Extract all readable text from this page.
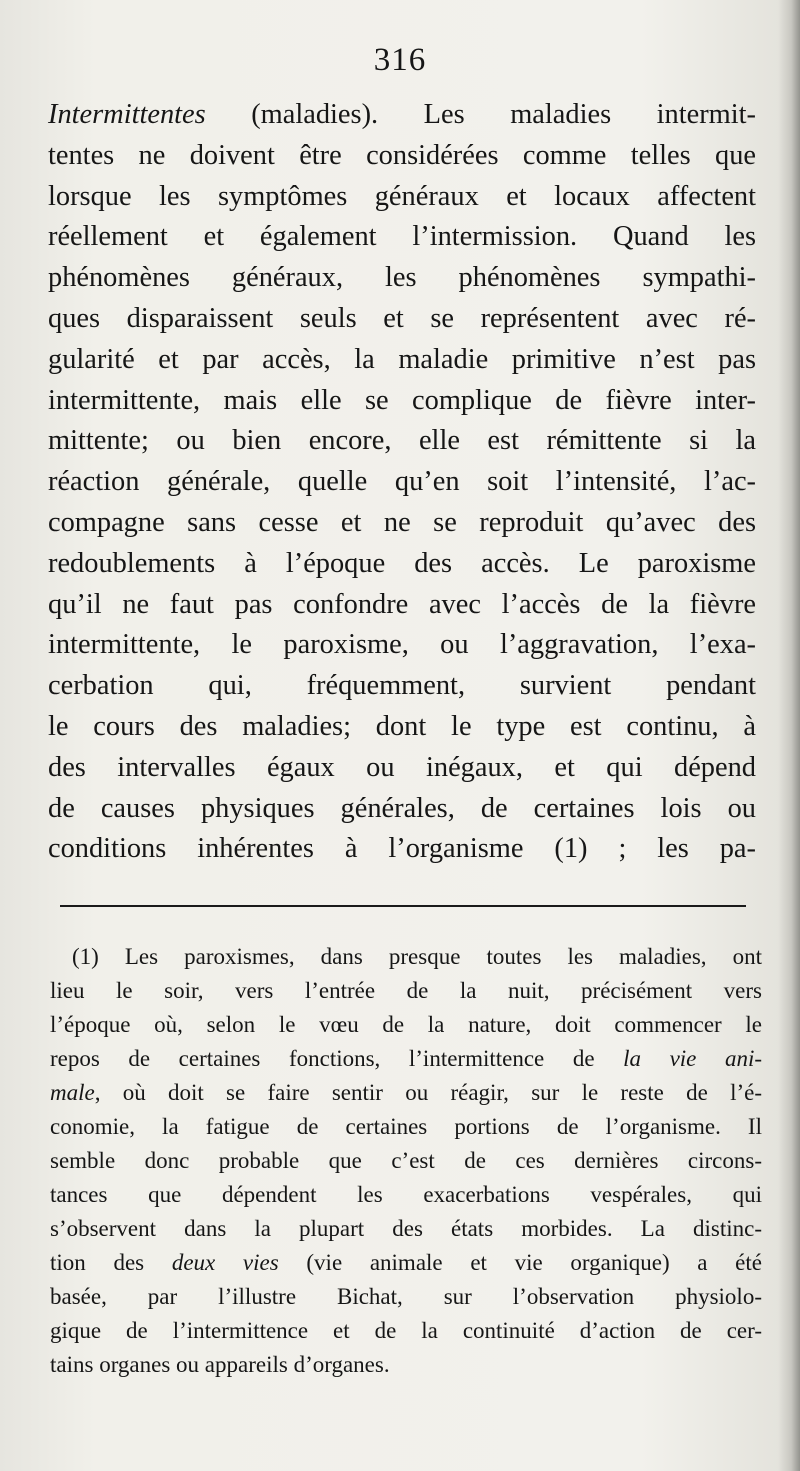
316
Intermittentes (maladies). Les maladies intermit-
tentes ne doivent être considérées comme telles que
lorsque les symptômes généraux et locaux affectent
réellement et également l’intermission. Quand les
phénomènes généraux, les phénomènes sympathi-
ques disparaissent seuls et se représentent avec ré-
gularité et par accès, la maladie primitive n’est pas
intermittente, mais elle se complique de fièvre inter-
mittente; ou bien encore, elle est rémittente si la
réaction générale, quelle qu’en soit l’intensité, l’ac-
compagne sans cesse et ne se reproduit qu’avec des
redoublements à l’époque des accès. Le paroxisme
qu’il ne faut pas confondre avec l’accès de la fièvre
intermittente, le paroxisme, ou l’aggravation, l’exa-
cerbation qui, fréquemment, survient pendant
le cours des maladies; dont le type est continu, à
des intervalles égaux ou inégaux, et qui dépend
de causes physiques générales, de certaines lois ou
conditions inhérentes à l’organisme (1) ; les pa-
(1) Les paroxismes, dans presque toutes les maladies, ont
lieu le soir, vers l’entrée de la nuit, précisément vers
l’époque où, selon le vœu de la nature, doit commencer le
repos de certaines fonctions, l’intermittence de la vie ani-
male, où doit se faire sentir ou réagir, sur le reste de l’é-
conomie, la fatigue de certaines portions de l’organisme. Il
semble donc probable que c’est de ces dernières circons-
tances que dépendent les exacerbations vespérales, qui
s’observent dans la plupart des états morbides. La distinc-
tion des deux vies (vie animale et vie organique) a été
basée, par l’illustre Bichat, sur l’observation physiolo-
gique de l’intermittence et de la continuité d’action de cer-
tains organes ou appareils d’organes.
